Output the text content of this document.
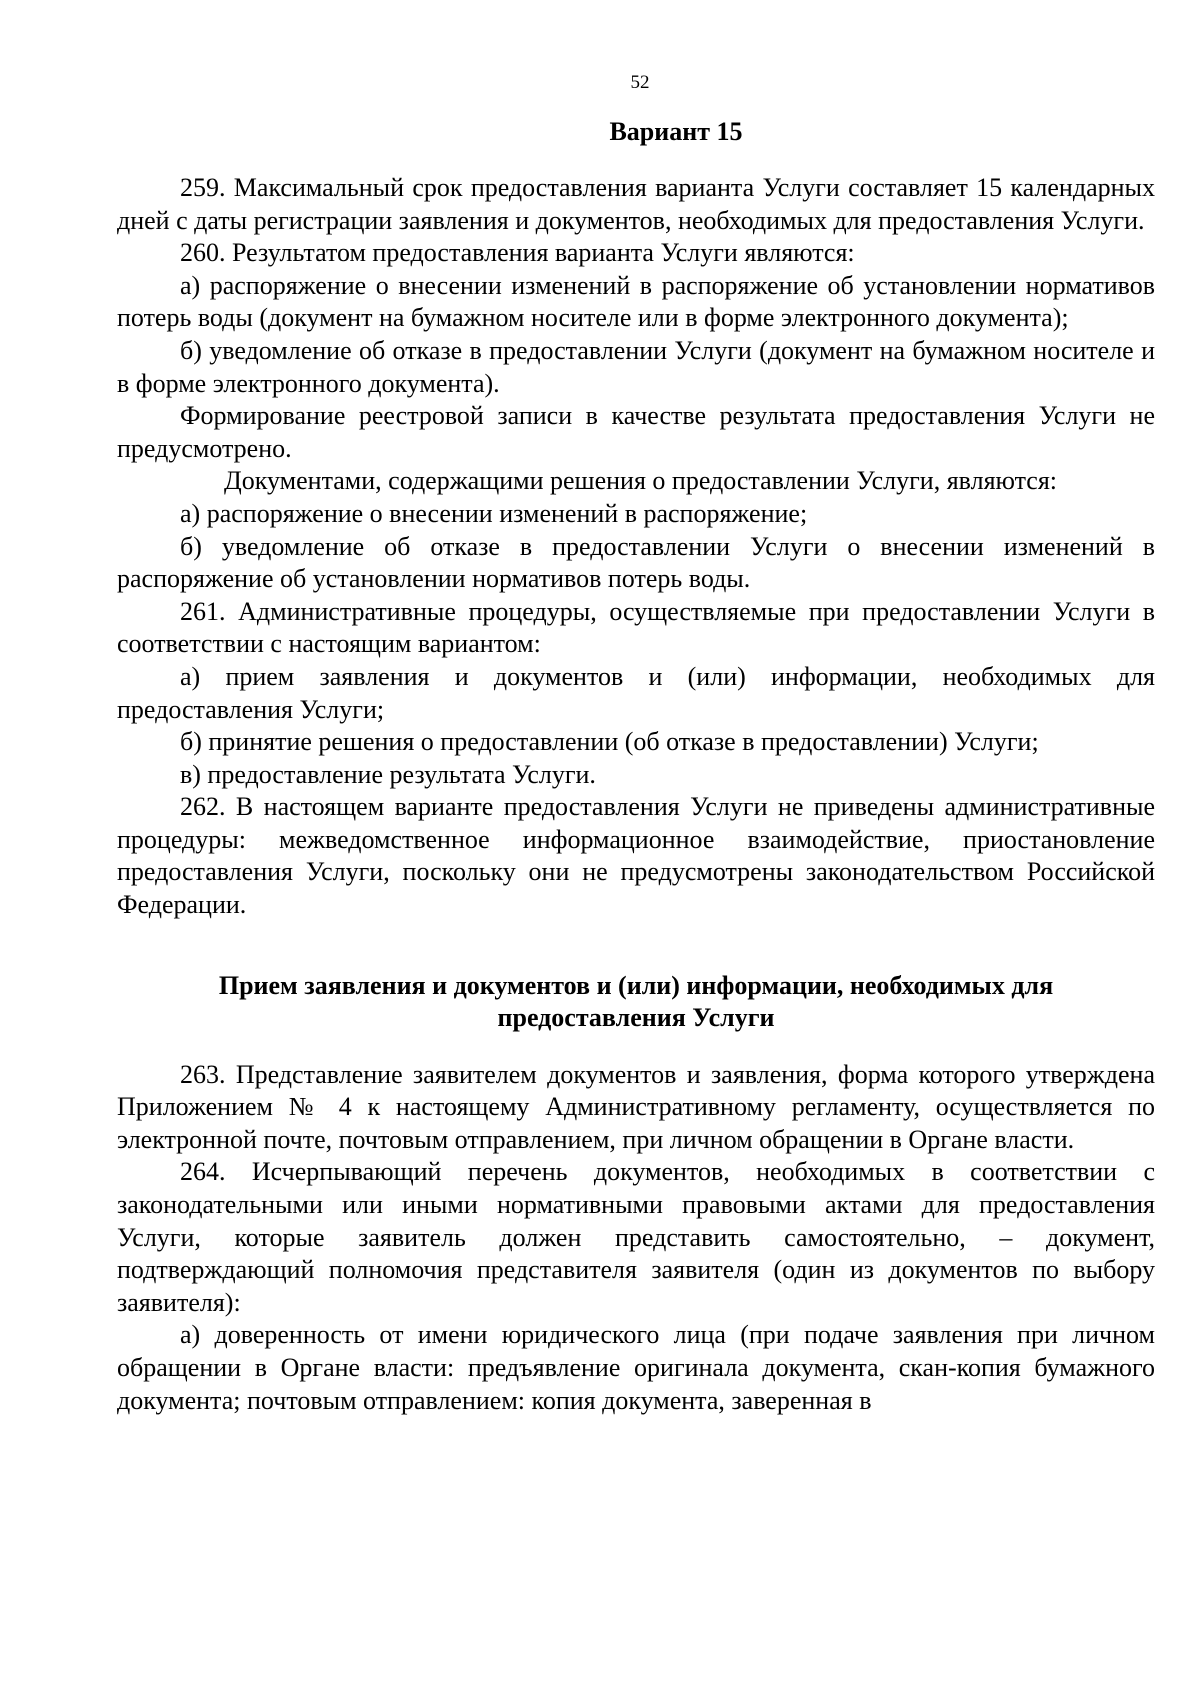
52
Вариант 15

259. Максимальный срок предоставления варианта Услуги составляет 15 календарных дней с даты регистрации заявления и документов, необходимых для предоставления Услуги.

260. Результатом предоставления варианта Услуги являются:

а) распоряжение о внесении изменений в распоряжение об установлении нормативов потерь воды (документ на бумажном носителе или в форме электронного документа);

б) уведомление об отказе в предоставлении Услуги (документ на бумажном носителе и в форме электронного документа).

Формирование реестровой записи в качестве результата предоставления Услуги не предусмотрено.

Документами, содержащими решения о предоставлении Услуги, являются:

а) распоряжение о внесении изменений в распоряжение;

б) уведомление об отказе в предоставлении Услуги о внесении изменений в распоряжение об установлении нормативов потерь воды.

261. Административные процедуры, осуществляемые при предоставлении Услуги в соответствии с настоящим вариантом:

а) прием заявления и документов и (или) информации, необходимых для предоставления Услуги;

б) принятие решения о предоставлении (об отказе в предоставлении) Услуги;

в) предоставление результата Услуги.

262. В настоящем варианте предоставления Услуги не приведены административные процедуры: межведомственное информационное взаимодействие, приостановление предоставления Услуги, поскольку они не предусмотрены законодательством Российской Федерации.

Прием заявления и документов и (или) информации, необходимых для
предоставления Услуги

263. Представление заявителем документов и заявления, форма которого утверждена Приложением № 4 к настоящему Административному регламенту, осуществляется по электронной почте, почтовым отправлением, при личном обращении в Органе власти.

264. Исчерпывающий перечень документов, необходимых в соответствии с законодательными или иными нормативными правовыми актами для предоставления Услуги, которые заявитель должен представить самостоятельно, – документ, подтверждающий полномочия представителя заявителя (один из документов по выбору заявителя):

а) доверенность от имени юридического лица (при подаче заявления при личном обращении в Органе власти: предъявление оригинала документа, скан-копия бумажного документа; почтовым отправлением: копия документа, заверенная в
